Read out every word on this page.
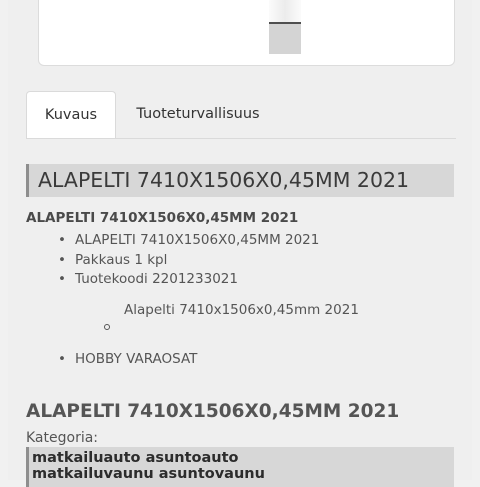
Kuvaus	Tuoteturvallisuus
ALAPELTI 7410X1506X0,45MM 2021
ALAPELTI 7410X1506X0,45MM 2021
ALAPELTI 7410X1506X0,45MM 2021
Pakkaus 1 kpl
Tuotekoodi 2201233021
Alapelti 7410x1506x0,45mm 2021
HOBBY VARAOSAT
ALAPELTI 7410X1506X0,45MM 2021
Kategoria:
matkailuauto asuntoauto matkailuvaunu asuntovaunu
